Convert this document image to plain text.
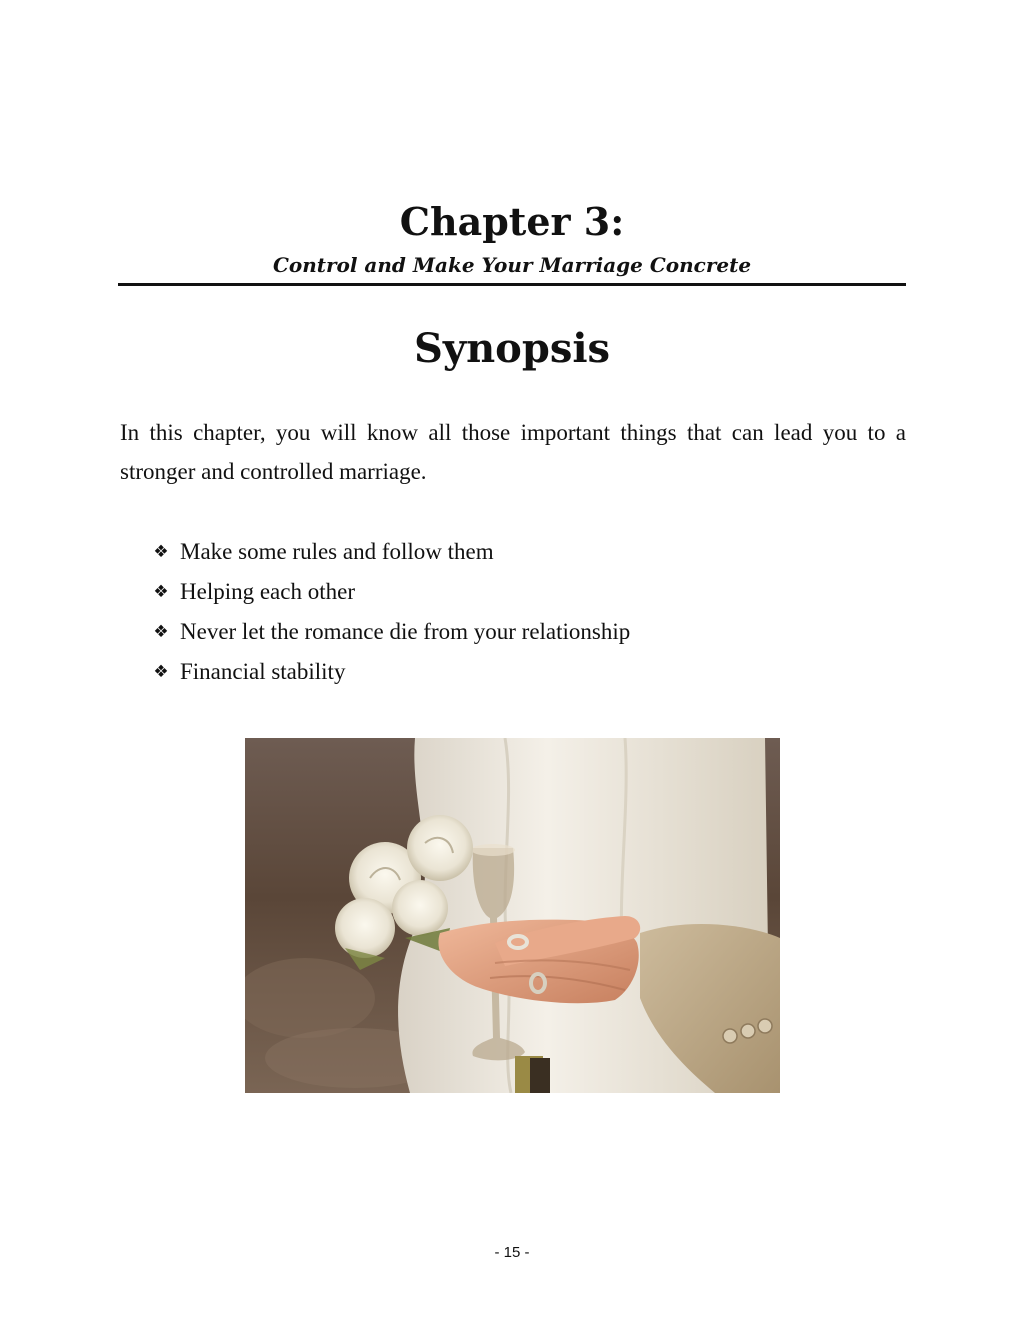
Chapter 3:

Control and Make Your Marriage Concrete

Synopsis

In this chapter, you will know all those important things that can lead you to a stronger and controlled marriage.

❖ Make some rules and follow them
❖ Helping each other
❖ Never let the romance die from your relationship
❖ Financial stability
- 15 -
